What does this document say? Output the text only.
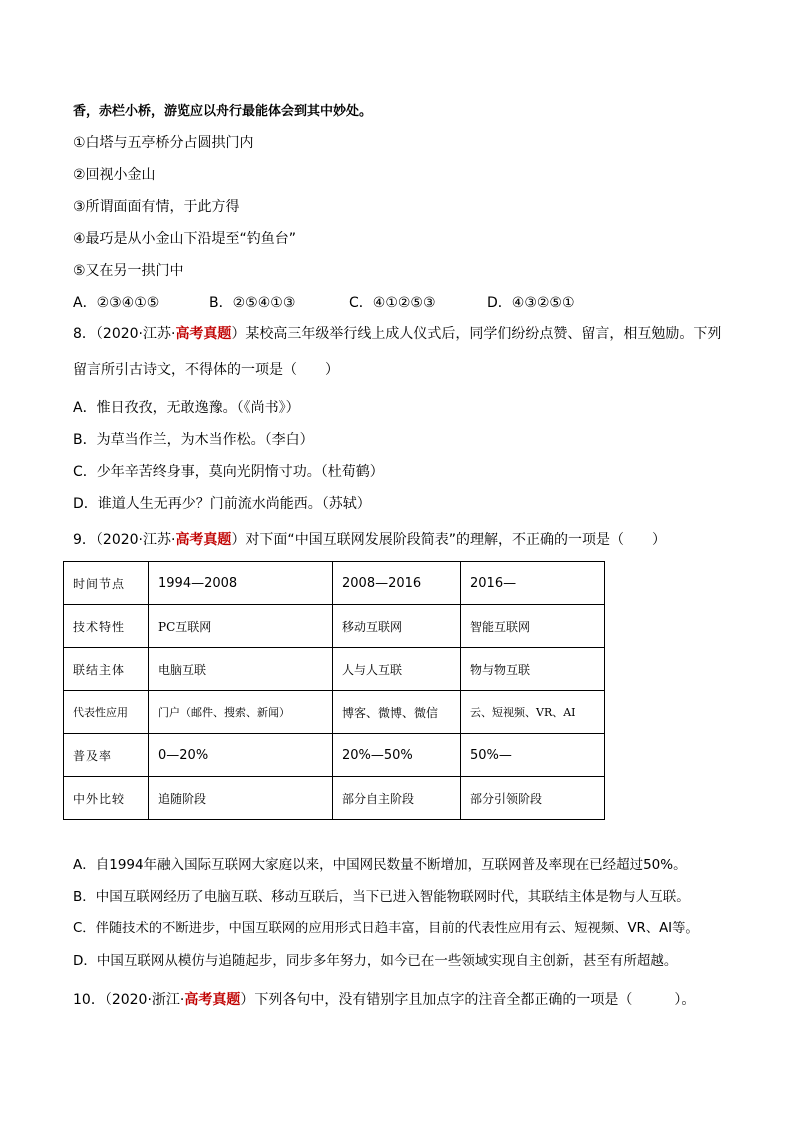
香，赤栏小桥，游览应以舟行最能体会到其中妙处。
①白塔与五亭桥分占圆拱门内
②回视小金山
③所谓面面有情，于此方得
④最巧是从小金山下沿堤至“钓鱼台”
⑤又在另一拱门中
A．②③④①⑤	B．②⑤④①③	C．④①②⑤③	D．④③②⑤①
8．（2020·江苏·高考真题）某校高三年级举行线上成人仪式后，同学们纷纷点赞、留言，相互勉励。下列
留言所引古诗文，不得体的一项是（　　）
A．惟日孜孜，无敢逸豫。（《尚书》）
B．为草当作兰，为木当作松。（李白）
C．少年辛苦终身事，莫向光阴惰寸功。（杜荀鹤）
D．谁道人生无再少？门前流水尚能西。（苏轼）
9．（2020·江苏·高考真题）对下面“中国互联网发展阶段简表”的理解，不正确的一项是（　　）
时间节点	1994—2008	2008—2016	2016—
技术特性	PC互联网	移动互联网	智能互联网
联结主体	电脑互联	人与人互联	物与物互联
代表性应用	门户（邮件、搜索、新闻）	博客、微博、微信	云、短视频、VR、AI
普及率	0—20%	20%—50%	50%—
中外比较	追随阶段	部分自主阶段	部分引领阶段
A．自1994年融入国际互联网大家庭以来，中国网民数量不断增加，互联网普及率现在已经超过50%。
B．中国互联网经历了电脑互联、移动互联后，当下已进入智能物联网时代，其联结主体是物与人互联。
C．伴随技术的不断进步，中国互联网的应用形式日趋丰富，目前的代表性应用有云、短视频、VR、AI等。
D．中国互联网从模仿与追随起步，同步多年努力，如今已在一些领域实现自主创新，甚至有所超越。
10．（2020·浙江·高考真题）下列各句中，没有错别字且加点字的注音全都正确的一项是（　　　）。
